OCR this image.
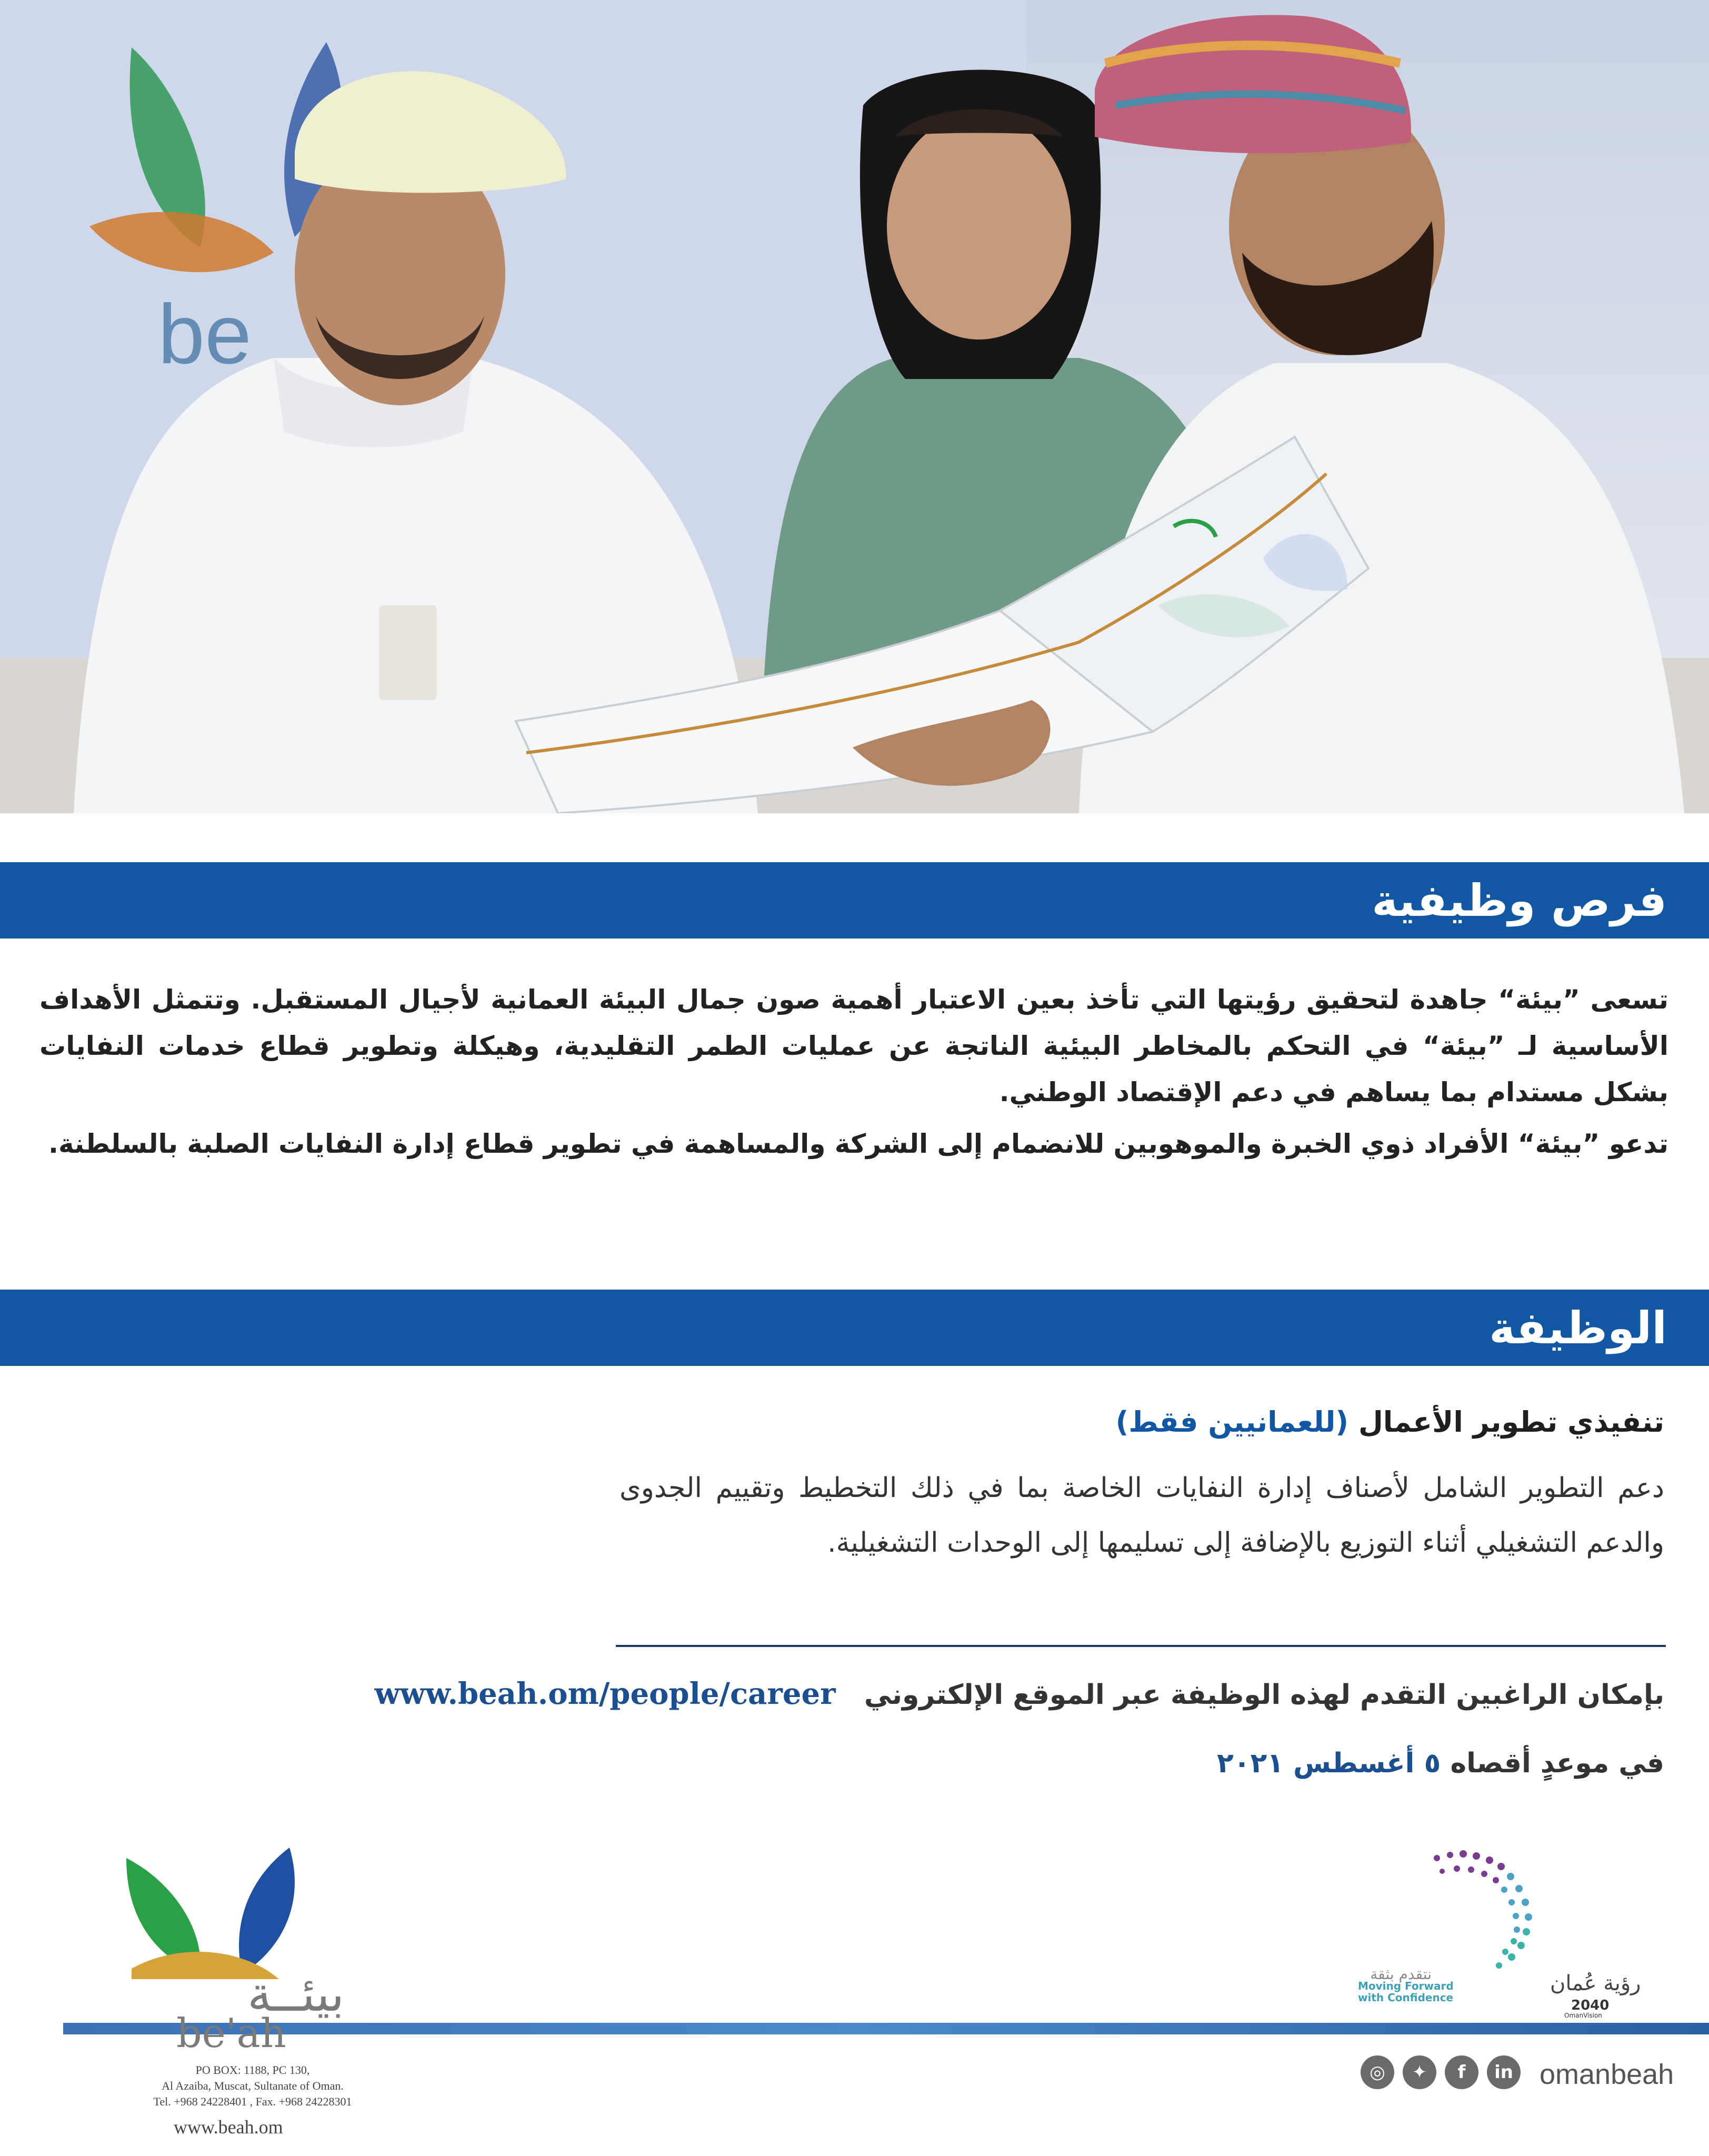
be
فرص وظيفية

تسعى ”بيئة“ جاهدة لتحقيق رؤيتها التي تأخذ بعين الاعتبار أهمية صون جمال البيئة العمانية لأجيال المستقبل. وتتمثل الأهداف الأساسية لـ ”بيئة“ في التحكم بالمخاطر البيئية الناتجة عن عمليات الطمر التقليدية، وهيكلة وتطوير قطاع خدمات النفايات بشكل مستدام بما يساهم في دعم الإقتصاد الوطني.

تدعو ”بيئة“ الأفراد ذوي الخبرة والموهوبين للانضمام إلى الشركة والمساهمة في تطوير قطاع إدارة النفايات الصلبة بالسلطنة.

الوظيفة
تنفيذي تطوير الأعمال (للعمانيين فقط)
دعم التطوير الشامل لأصناف إدارة النفايات الخاصة بما في ذلك التخطيط وتقييم الجدوى والدعم التشغيلي أثناء التوزيع بالإضافة إلى تسليمها إلى الوحدات التشغيلية.
بإمكان الراغبين التقدم لهذه الوظيفة عبر الموقع الإلكتروني   www.beah.om/people/career
في موعدٍ أقصاه ٥ أغسطس ٢٠٢١
بيئــة
be'ah
PO BOX: 1188, PC 130,
Al Azaiba, Muscat, Sultanate of Oman.
Tel. +968 24228401 , Fax. +968 24228301
www.beah.om
نتقدم بثقة
Moving Forward
with Confidence
رؤية عُمان
2040
OmanVision
◎	✦	f	in omanbeah
